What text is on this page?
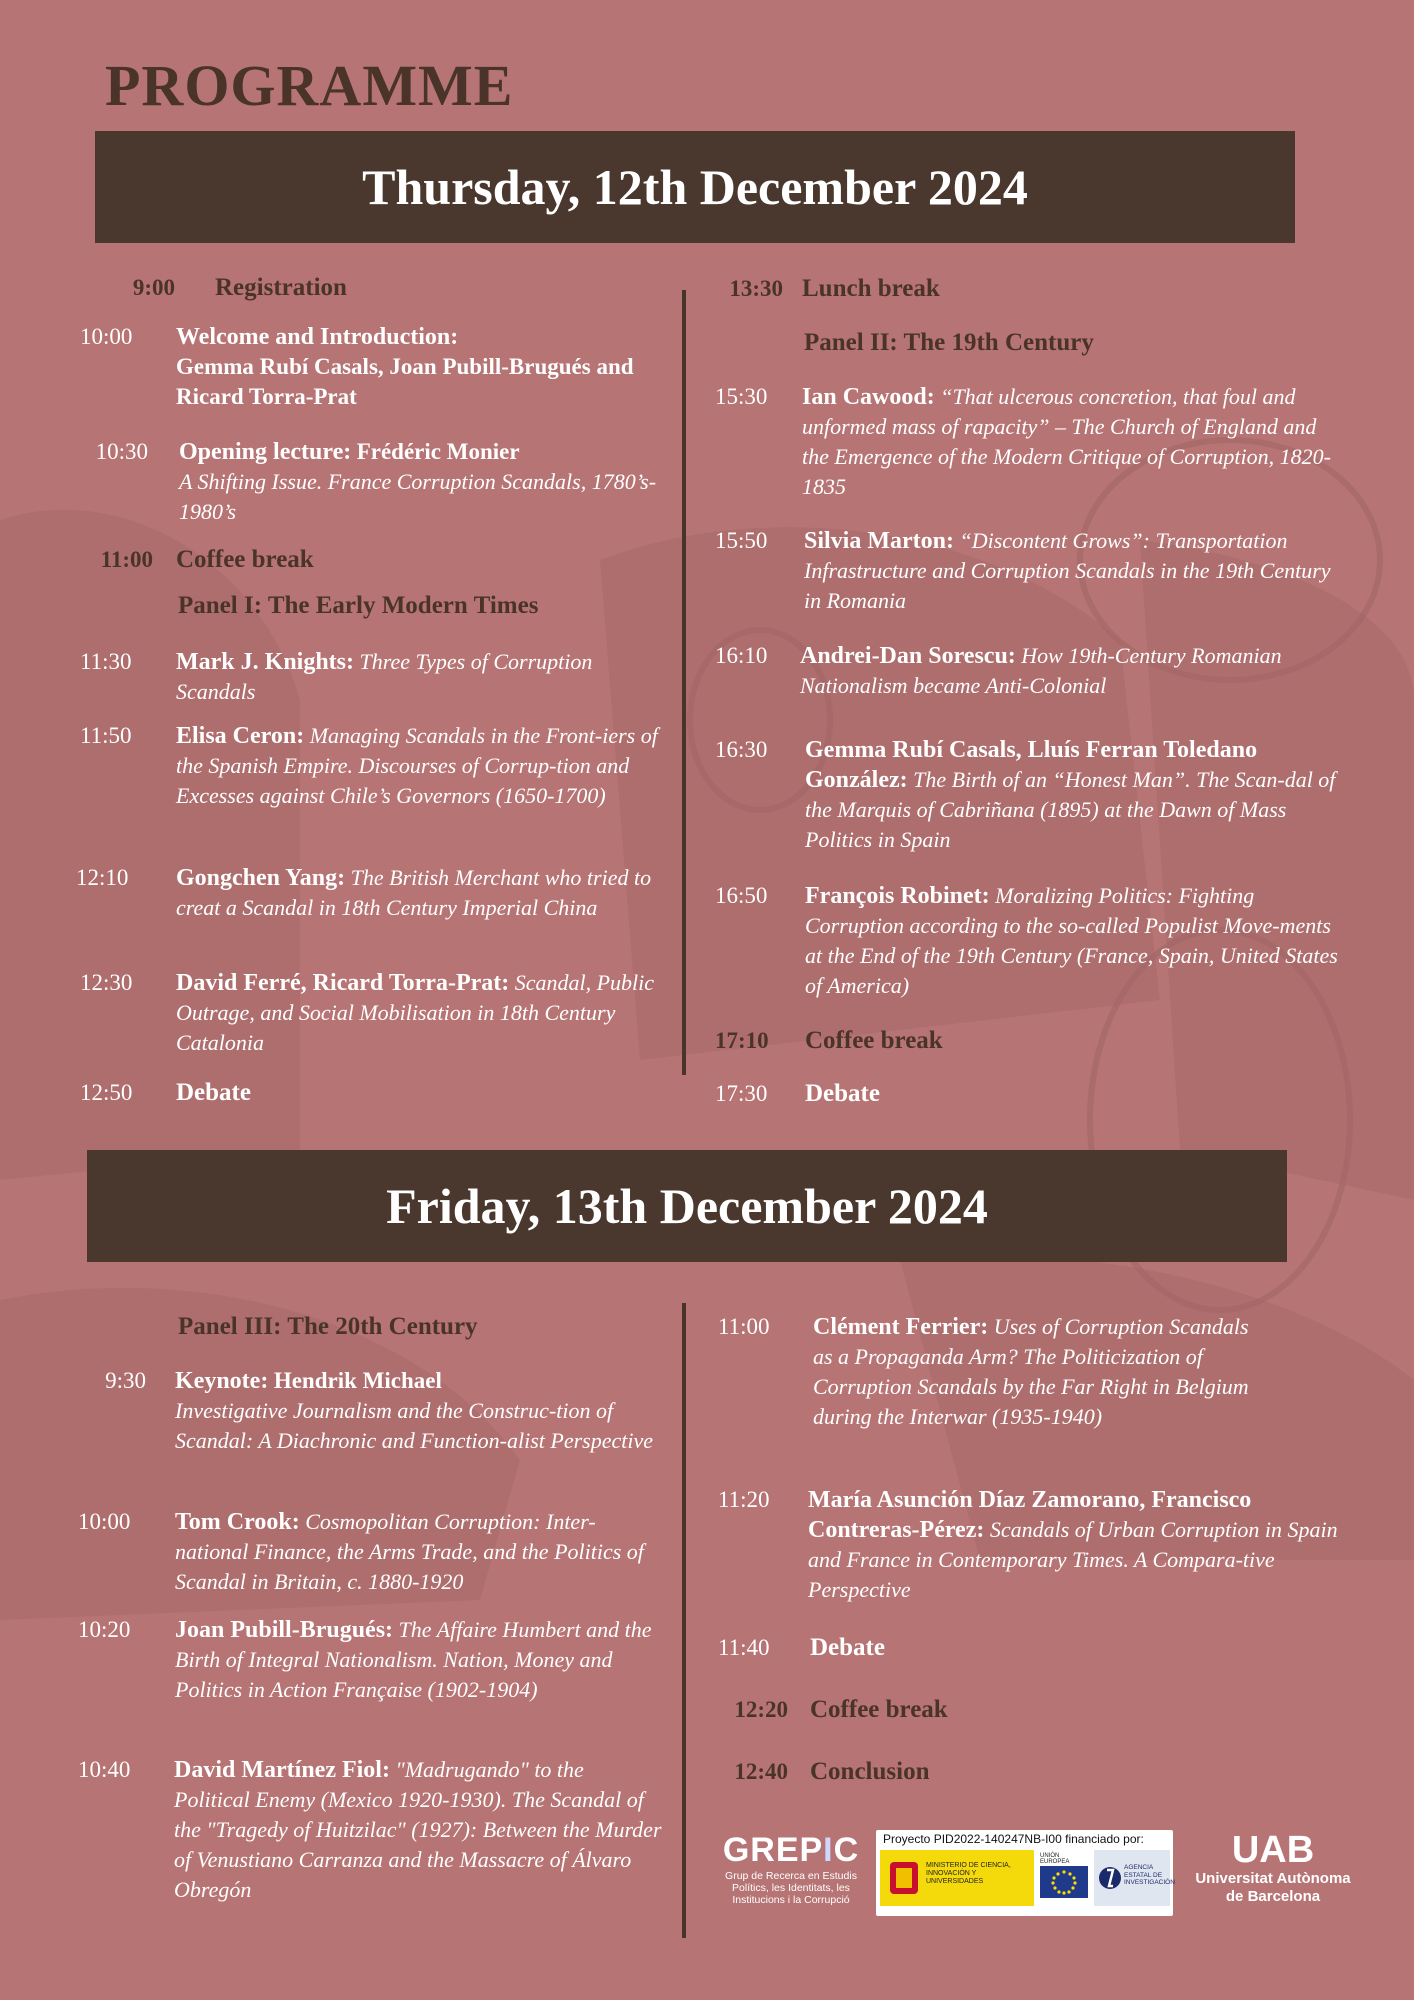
PROGRAMME
Thursday, 12th December 2024
Friday, 13th December 2024
9:00 Registration
10:00	Welcome and Introduction:
Gemma Rubí Casals, Joan Pubill-Brugués and Ricard Torra-Prat
10:30 Opening lecture: Frédéric Monier
A Shifting Issue. France Corruption Scandals, 1780’s-1980’s
11:00 Coffee break
Panel I: The Early Modern Times
11:30	Mark J. Knights: Three Types of Corruption Scandals
11:50	Elisa Ceron: Managing Scandals in the Front-iers of the Spanish Empire. Discourses of Corrup-tion and Excesses against Chile’s Governors (1650-1700)
12:10	Gongchen Yang: The British Merchant who tried to creat a Scandal in 18th Century Imperial China
12:30	David Ferré, Ricard Torra-Prat: Scandal, Public Outrage, and Social Mobilisation in 18th Century Catalonia
12:50	Debate
13:30 Lunch break
Panel II: The 19th Century
15:30	Ian Cawood: “That ulcerous concretion, that foul and unformed mass of rapacity” – The Church of England and the Emergence of the Modern Critique of Corruption, 1820-1835
15:50	Silvia Marton: “Discontent Grows”: Transportation Infrastructure and Corruption Scandals in the 19th Century in Romania
16:10	Andrei-Dan Sorescu: How 19th-Century Romanian Nationalism became Anti-Colonial
16:30	Gemma Rubí Casals, Lluís Ferran Toledano González: The Birth of an “Honest Man”. The Scan-dal of the Marquis of Cabriñana (1895) at the Dawn of Mass Politics in Spain
16:50	François Robinet: Moralizing Politics: Fighting Corruption according to the so-called Populist Move-ments at the End of the 19th Century (France, Spain, United States of America)
17:10	Coffee break
17:30	Debate
Panel III: The 20th Century
9:30 Keynote: Hendrik Michael
Investigative Journalism and the Construc-tion of Scandal: A Diachronic and Function-alist Perspective
10:00	Tom Crook: Cosmopolitan Corruption: Inter-national Finance, the Arms Trade, and the Politics of Scandal in Britain, c. 1880-1920
10:20	Joan Pubill-Brugués: The Affaire Humbert and the Birth of Integral Nationalism. Nation, Money and Politics in Action Française (1902-1904)
10:40	David Martínez Fiol: "Madrugando" to the Political Enemy (Mexico 1920-1930). The Scandal of the "Tragedy of Huitzilac" (1927): Between the Murder of Venustiano Carranza and the Massacre of Álvaro Obregón
11:00	Clément Ferrier: Uses of Corruption Scandals as a Propaganda Arm? The Politicization of Corruption Scandals by the Far Right in Belgium during the Interwar (1935-1940)
11:20	María Asunción Díaz Zamorano, Francisco Contreras-Pérez: Scandals of Urban Corruption in Spain and France in Contemporary Times. A Compara-tive Perspective
11:40	Debate
12:20 Coffee break
12:40 Conclusion
GREPIC
Grup de Recerca en Estudis Polítics, les Identitats, les Institucions i la Corrupció
Proyecto PID2022-140247NB-I00 financiado por:
MINISTERIO DE CIENCIA, INNOVACIÓN Y UNIVERSIDADES
UNIÓN EUROPEA
AGENCIA ESTATAL DE INVESTIGACIÓN
UAB
Universitat Autònoma
de Barcelona
